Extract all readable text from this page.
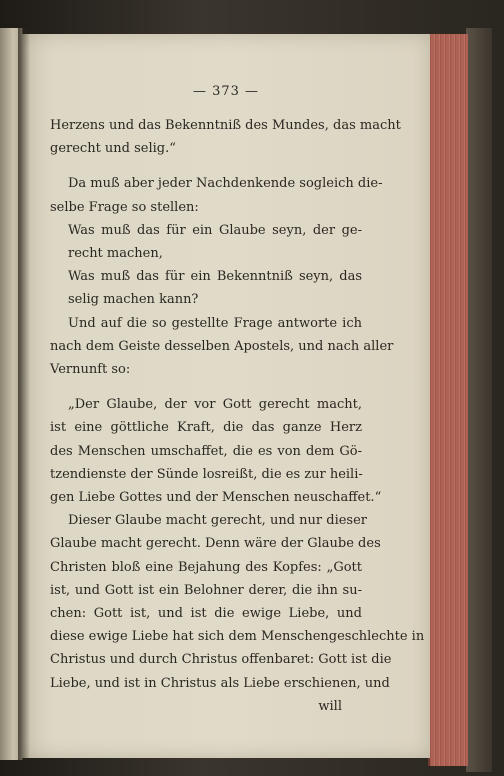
— 373 —
Herzens und das Bekenntniß des Mundes, das macht
gerecht und selig.“
Da muß aber jeder Nachdenkende sogleich die-
selbe Frage so stellen:
Was muß das für ein Glaube seyn, der ge-
recht machen,
Was muß das für ein Bekenntniß seyn, das
selig machen kann?
Und auf die so gestellte Frage antworte ich
nach dem Geiste desselben Apostels, und nach aller
Vernunft so:
„Der Glaube, der vor Gott gerecht macht,
ist eine göttliche Kraft, die das ganze Herz
des Menschen umschaffet, die es von dem Gö-
tzendienste der Sünde losreißt, die es zur heili-
gen Liebe Gottes und der Menschen neuschaffet.“
Dieser Glaube macht gerecht, und nur dieser
Glaube macht gerecht. Denn wäre der Glaube des
Christen bloß eine Bejahung des Kopfes: „Gott
ist, und Gott ist ein Belohner derer, die ihn su-
chen: Gott ist, und ist die ewige Liebe, und
diese ewige Liebe hat sich dem Menschengeschlechte in
Christus und durch Christus offenbaret: Gott ist die
Liebe, und ist in Christus als Liebe erschienen, und
will
